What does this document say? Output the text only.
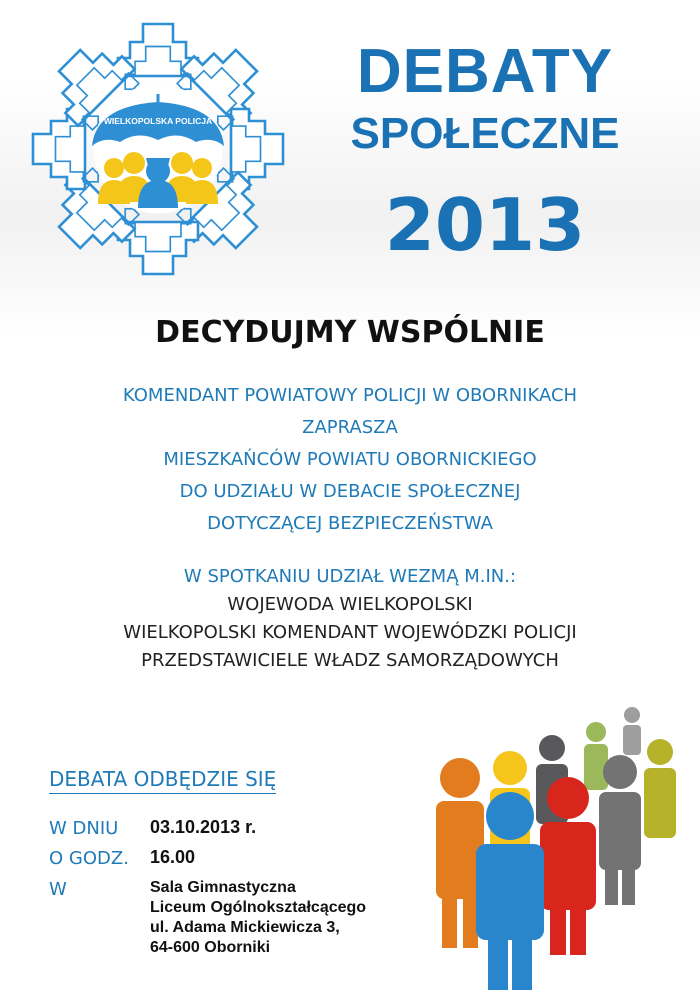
WIELKOPOLSKA POLICJA
DEBATY
SPOŁECZNE
2013
DECYDUJMY WSPÓLNIE
KOMENDANT POWIATOWY POLICJI W OBORNIKACH
ZAPRASZA
MIESZKAŃCÓW POWIATU OBORNICKIEGO
DO UDZIAŁU W DEBACIE SPOŁECZNEJ
DOTYCZĄCEJ BEZPIECZEŃSTWA
W SPOTKANIU UDZIAŁ WEZMĄ M.IN.:
WOJEWODA WIELKOPOLSKI
WIELKOPOLSKI KOMENDANT WOJEWÓDZKI POLICJI
PRZEDSTAWICIELE WŁADZ SAMORZĄDOWYCH
DEBATA ODBĘDZIE SIĘ
W DNIU 03.10.2013 r.
O GODZ. 16.00
W	Sala Gimnastyczna
Liceum Ogólnokształcącego
ul. Adama Mickiewicza 3,
64-600 Oborniki
